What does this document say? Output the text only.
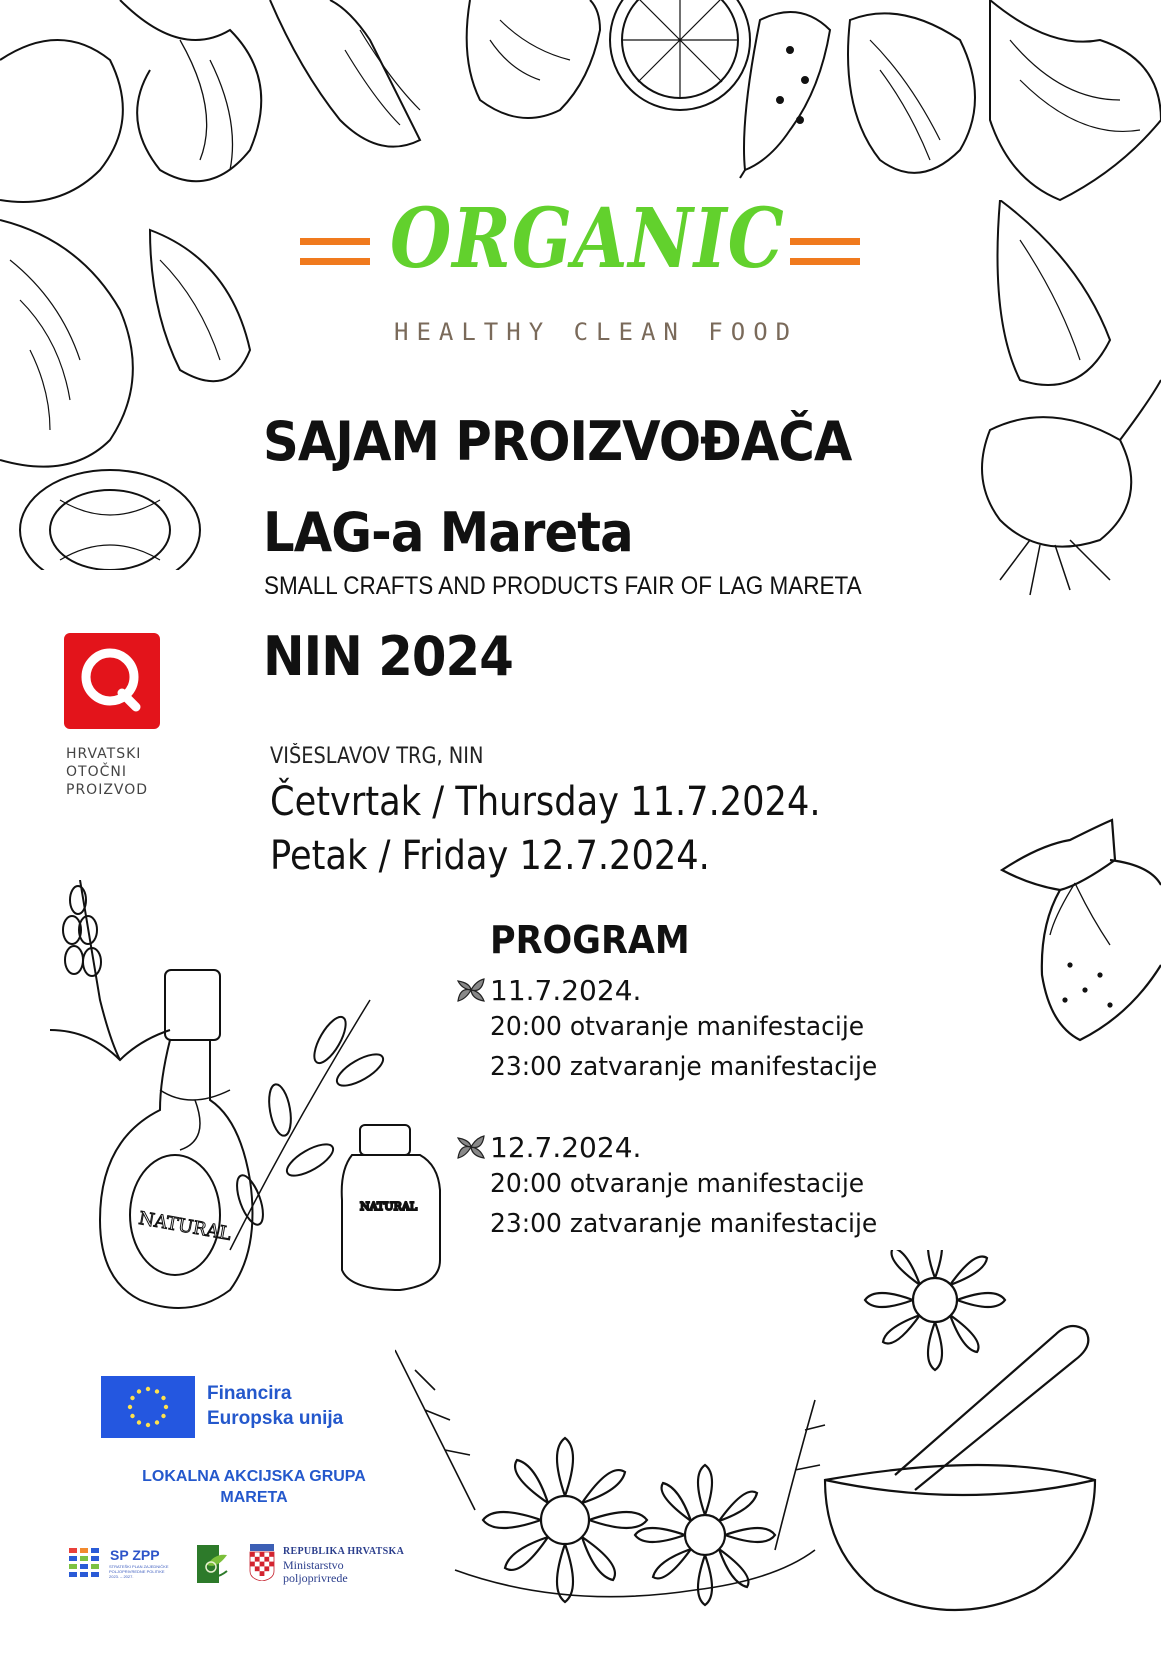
NATURAL
NATURAL
ORGANIC
HEALTHY CLEAN FOOD
SAJAM PROIZVOĐAČA
LAG-a Mareta
SMALL CRAFTS AND PRODUCTS FAIR OF LAG MARETA
NIN 2024
HRVATSKI
OTOČNI
PROIZVOD
VIŠESLAVOV TRG, NIN
Četvrtak / Thursday 11.7.2024.
Petak / Friday 12.7.2024.
PROGRAM
11.7.2024.
20:00 otvaranje manifestacije
23:00 zatvaranje manifestacije
12.7.2024.
20:00 otvaranje manifestacije
23:00 zatvaranje manifestacije
Financira
Europska unija
LOKALNA AKCIJSKA GRUPA
MARETA
SP ZPP
STRATEŠKI PLAN ZAJEDNIČKE POLJOPRIVREDNE POLITIKE 2023. – 2027.
REPUBLIKA HRVATSKA
Ministarstvo
poljoprivrede
